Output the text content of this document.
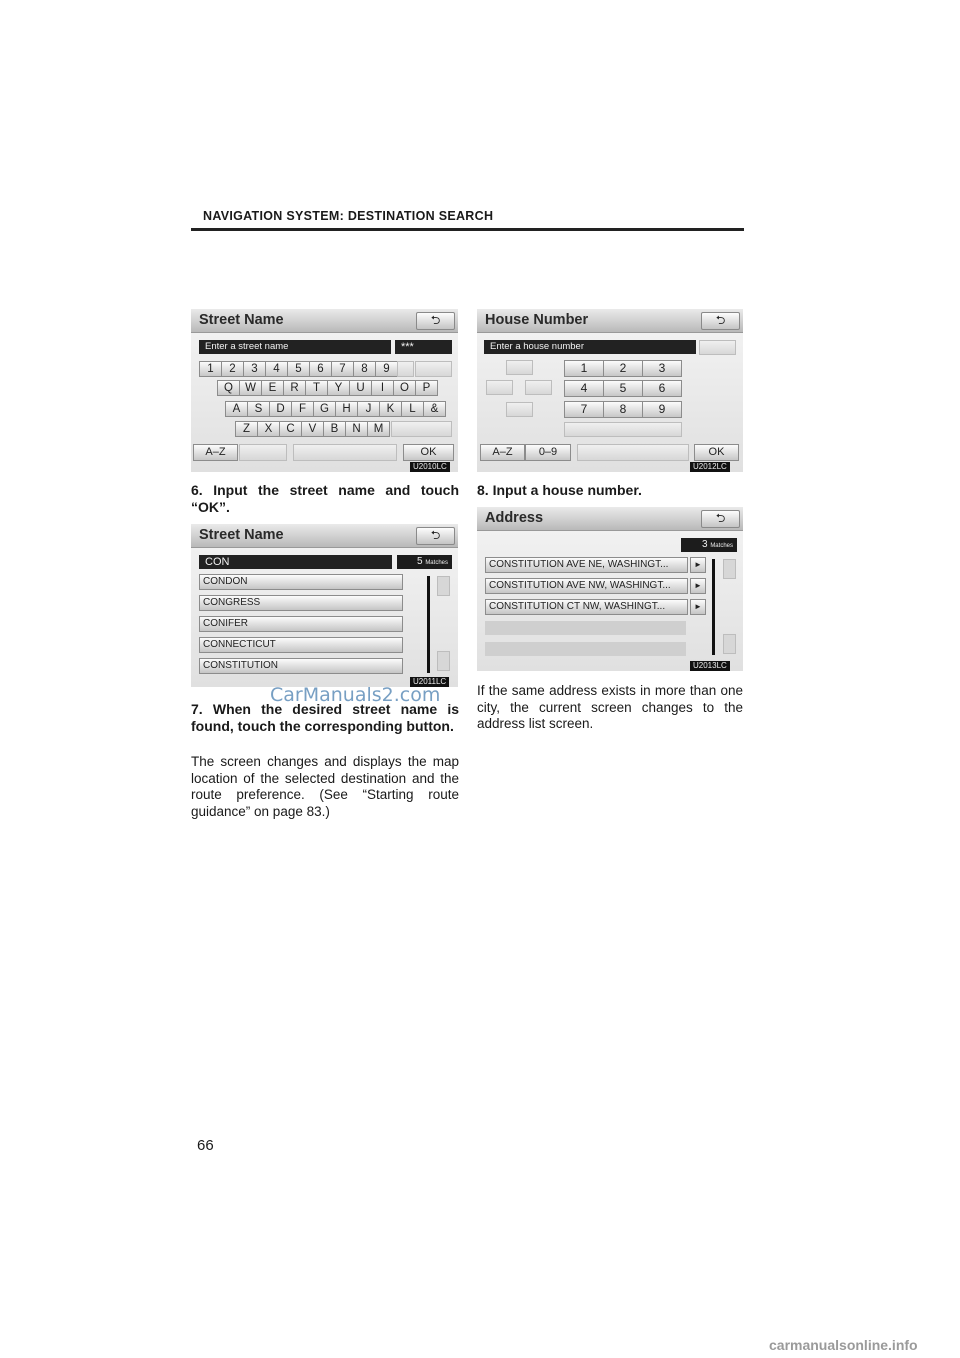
NAVIGATION SYSTEM: DESTINATION SEARCH
Street Name	⮌
Enter a street name	***
1	2	3	4	5	6	7	8	9
Q	W	E	R	T	Y	U	I	O	P
A	S	D	F	G	H	J	K	L	&
Z	X	C	V	B	N	M
A–Z	OK
U2010LC
6. Input the street name and touch “OK”.
Street Name	⮌
CON	5 Matches
CONDON
CONGRESS
CONIFER
CONNECTICUT
CONSTITUTION
U2011LC
CarManuals2.com
7. When the desired street name is found, touch the corresponding button.
The screen changes and displays the map location of the selected destination and the route preference. (See “Starting route guidance” on page 83.)
House Number	⮌
Enter a house number
1	2	3
4	5	6
7	8	9
A–Z	0–9	OK
U2012LC
8. Input a house number.
Address	⮌
3 Matches
CONSTITUTION AVE NE, WASHINGT...	►
CONSTITUTION AVE NW, WASHINGT...	►
CONSTITUTION CT NW, WASHINGT...	►
U2013LC
If the same address exists in more than one city, the current screen changes to the address list screen.
66
carmanualsonline.info
